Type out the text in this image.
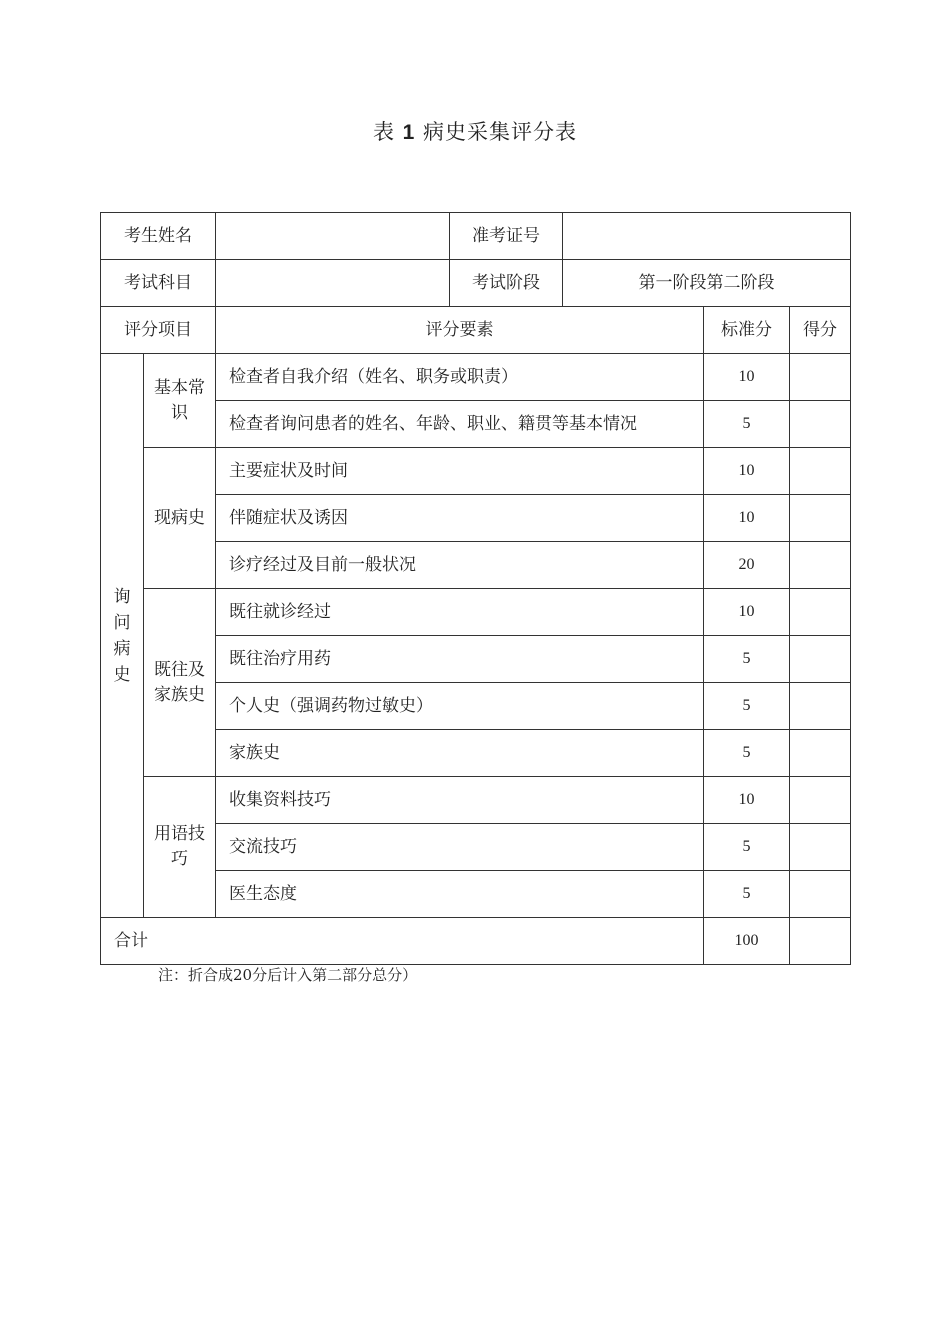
表 1 病史采集评分表
考生姓名			准考证号			
考试科目			考试阶段	第一阶段第二阶段		
评分项目		评分要素			标准分	得分
询问病史	基本常识	检查者自我介绍（姓名、职务或职责）			10	
		检查者询问患者的姓名、年龄、职业、籍贯等基本情况			5	
	现病史	主要症状及时间			10	
		伴随症状及诱因			10	
		诊疗经过及目前一般状况			20	
	既往及家族史	既往就诊经过			10	
		既往治疗用药			5	
		个人史（强调药物过敏史）			5	
		家族史			5	
	用语技巧	收集资料技巧			10	
		交流技巧			5	
		医生态度			5	
合计					100	
注：折合成20分后计入第二部分总分）
